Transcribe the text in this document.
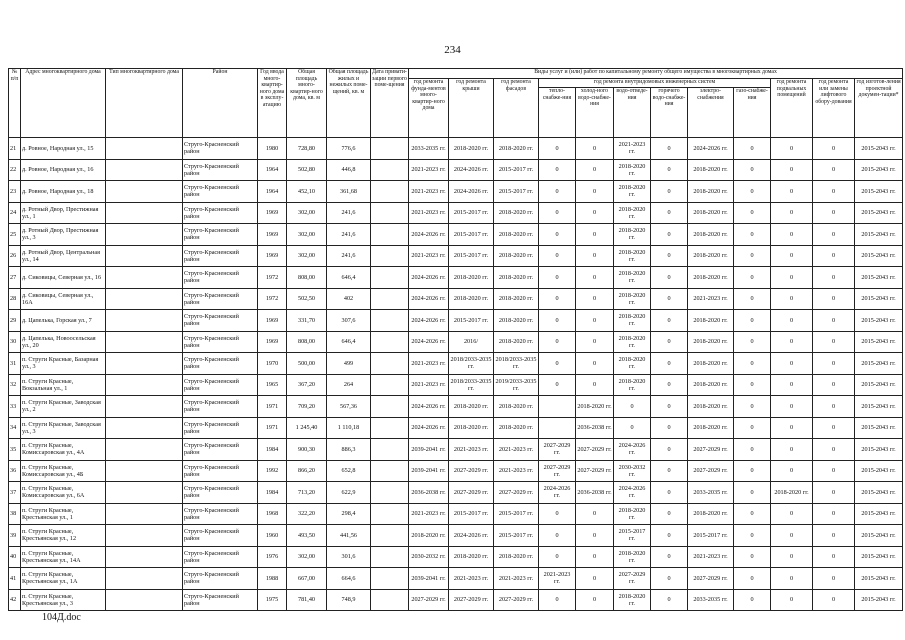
234
№ п/п	Адрес многоквартирного дома	Тип многоквартирного дома	Район	Год ввода много-квартир-ного дома в эксплу-атацию	Общая площадь много-квартир-ного дома, кв. м	Общая площадь жилых и нежилых поме-щений, кв. м	Дата привати-зации первого поме-щения	Виды услуг и (или) работ по капитальному ремонту общего имущества в многоквартирных домах											
								год ремонта фунда-ментов много-квартир-ного дома	год ремонта крыши	год ремонта фасадов	год ремонта внутридомовых инженерных систем						год ремонта подвальных помещений	год ремонта или замены лифтового обору-дования	год изготов-ления проектной докумен-тации*
											тепло-снабже-ния	холод-ного водо-снабже-ния	водо-отведе-ния	горячего водо-снабже-ния	электро-снабжения	газо-снабже-ния			
21	д. Ровное, Народная ул., 15		Струго-Красненский район	1980	728,80	776,6		2033-2035 гг.	2018-2020 гг.	2018-2020 гг.	0	0	2021-2023 гг.	0	2024-2026 гг.	0	0	0	2015-2043 гг.
22	д. Ровное, Народная ул., 16		Струго-Красненский район	1964	502,80	446,8		2021-2023 гг.	2024-2026 гг.	2015-2017 гг.	0	0	2018-2020 гг.	0	2018-2020 гг.	0	0	0	2015-2043 гг.
23	д. Ровное, Народная ул., 18		Струго-Красненский район	1964	452,10	361,68		2021-2023 гг.	2024-2026 гг.	2015-2017 гг.	0	0	2018-2020 гг.	0	2018-2020 гг.	0	0	0	2015-2043 гг.
24	д. Ротный Двор, Престижная ул., 1		Струго-Красненский район	1969	302,00	241,6		2021-2023 гг.	2015-2017 гг.	2018-2020 гг.	0	0	2018-2020 гг.	0	2018-2020 гг.	0	0	0	2015-2043 гг.
25	д. Ротный Двор, Престижная ул., 3		Струго-Красненский район	1969	302,00	241,6		2024-2026 гг.	2015-2017 гг.	2018-2020 гг.	0	0	2018-2020 гг.	0	2018-2020 гг.	0	0	0	2015-2043 гг.
26	д. Ротный Двор, Центральная ул., 14		Струго-Красненский район	1969	302,00	241,6		2021-2023 гг.	2015-2017 гг.	2018-2020 гг.	0	0	2018-2020 гг.	0	2018-2020 гг.	0	0	0	2015-2043 гг.
27	д. Сиковицы, Северная ул., 16		Струго-Красненский район	1972	808,00	646,4		2024-2026 гг.	2018-2020 гг.	2018-2020 гг.	0	0	2018-2020 гг.	0	2018-2020 гг.	0	0	0	2015-2043 гг.
28	д. Сиковицы, Северная ул., 16А		Струго-Красненский район	1972	502,50	402		2024-2026 гг.	2018-2020 гг.	2018-2020 гг.	0	0	2018-2020 гг.	0	2021-2023 гг.	0	0	0	2015-2043 гг.
29	д. Цапелька, Горская ул., 7		Струго-Красненский район	1969	331,70	307,6		2024-2026 гг.	2015-2017 гг.	2018-2020 гг.	0	0	2018-2020 гг.	0	2018-2020 гг.	0	0	0	2015-2043 гг.
30	д. Цапелька, Новоосельская ул., 20		Струго-Красненский район	1969	808,00	646,4		2024-2026 гг.	2016/	2018-2020 гг.	0	0	2018-2020 гг.	0	2018-2020 гг.	0	0	0	2015-2043 гг.
31	п. Струги Красные, Базарная ул., 3		Струго-Красненский район	1970	500,00	499		2021-2023 гг.	2018/2033-2035 гг.	2018/2033-2035 гг.	0	0	2018-2020 гг.	0	2018-2020 гг.	0	0	0	2015-2043 гг.
32	п. Струги Красные, Вокзальная ул., 1		Струго-Красненский район	1965	367,20	264		2021-2023 гг.	2018/2033-2035 гг.	2019/2033-2035 гг.	0	0	2018-2020 гг.	0	2018-2020 гг.	0	0	0	2015-2043 гг.
33	п. Струги Красные, Заводская ул., 2		Струго-Красненский район	1971	709,20	567,36		2024-2026 гг.	2018-2020 гг.	2018-2020 гг.		2018-2020 гг.	0	0	2018-2020 гг.	0	0	0	2015-2043 гг.
34	п. Струги Красные, Заводская ул., 3		Струго-Красненский район	1971	1 245,40	1 110,18		2024-2026 гг.	2018-2020 гг.	2018-2020 гг.		2036-2038 гг.	0	0	2018-2020 гг.	0	0	0	2015-2043 гг.
35	п. Струги Красные, Комиссаровская ул., 4А		Струго-Красненский район	1984	900,30	886,3		2039-2041 гг.	2021-2023 гг.	2021-2023 гг.	2027-2029 гг.	2027-2029 гг.	2024-2026 гг.	0	2027-2029 гг.	0	0	0	2015-2043 гг.
36	п. Струги Красные, Комиссаровская ул., 4Б		Струго-Красненский район	1992	866,20	652,8		2039-2041 гг.	2027-2029 гг.	2021-2023 гг.	2027-2029 гг.	2027-2029 гг.	2030-2032 гг.	0	2027-2029 гг.	0	0	0	2015-2043 гг.
37	п. Струги Красные, Комиссаровская ул., 6А		Струго-Красненский район	1984	713,20	622,9		2036-2038 гг.	2027-2029 гг.	2027-2029 гг.	2024-2026 гг.	2036-2038 гг.	2024-2026 гг.	0	2033-2035 гг.	0	2018-2020 гг.	0	2015-2043 гг.
38	п. Струги Красные, Крестьянская ул., 1		Струго-Красненский район	1968	322,20	298,4		2021-2023 гг.	2015-2017 гг.	2015-2017 гг.	0	0	2018-2020 гг.	0	2018-2020 гг.	0	0	0	2015-2043 гг.
39	п. Струги Красные, Крестьянская ул., 12		Струго-Красненский район	1960	493,50	441,56		2018-2020 гг.	2024-2026 гг.	2015-2017 гг.	0	0	2015-2017 гг.	0	2015-2017 гг.	0	0	0	2015-2043 гг.
40	п. Струги Красные, Крестьянская ул., 14А		Струго-Красненский район	1976	302,00	301,6		2030-2032 гг.	2018-2020 гг.	2018-2020 гг.	0	0	2018-2020 гг.	0	2021-2023 гг.	0	0	0	2015-2043 гг.
41	п. Струги Красные, Крестьянская ул., 1А		Струго-Красненский район	1988	667,00	664,6		2039-2041 гг.	2021-2023 гг.	2021-2023 гг.	2021-2023 гг.	0	2027-2029 гг.	0	2027-2029 гг.	0	0	0	2015-2043 гг.
42	п. Струги Красные, Крестьянская ул., 3		Струго-Красненский район	1975	781,40	748,9		2027-2029 гг.	2027-2029 гг.	2027-2029 гг.	0	0	2018-2020 гг.	0	2033-2035 гг.	0	0	0	2015-2043 гг.
104Д.doc
